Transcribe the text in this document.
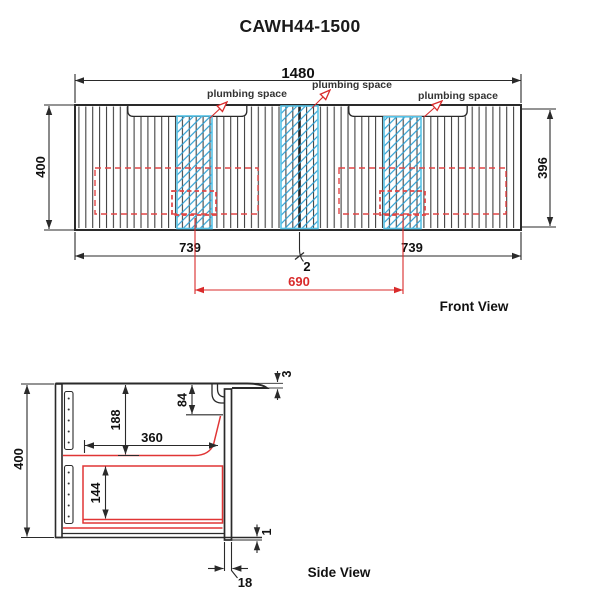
CAWH44-1500
plumbing space
plumbing space
plumbing space
1480
400	396
739
2
739
690
Front View
400
188
84
360
144
3
1
18
Side View
